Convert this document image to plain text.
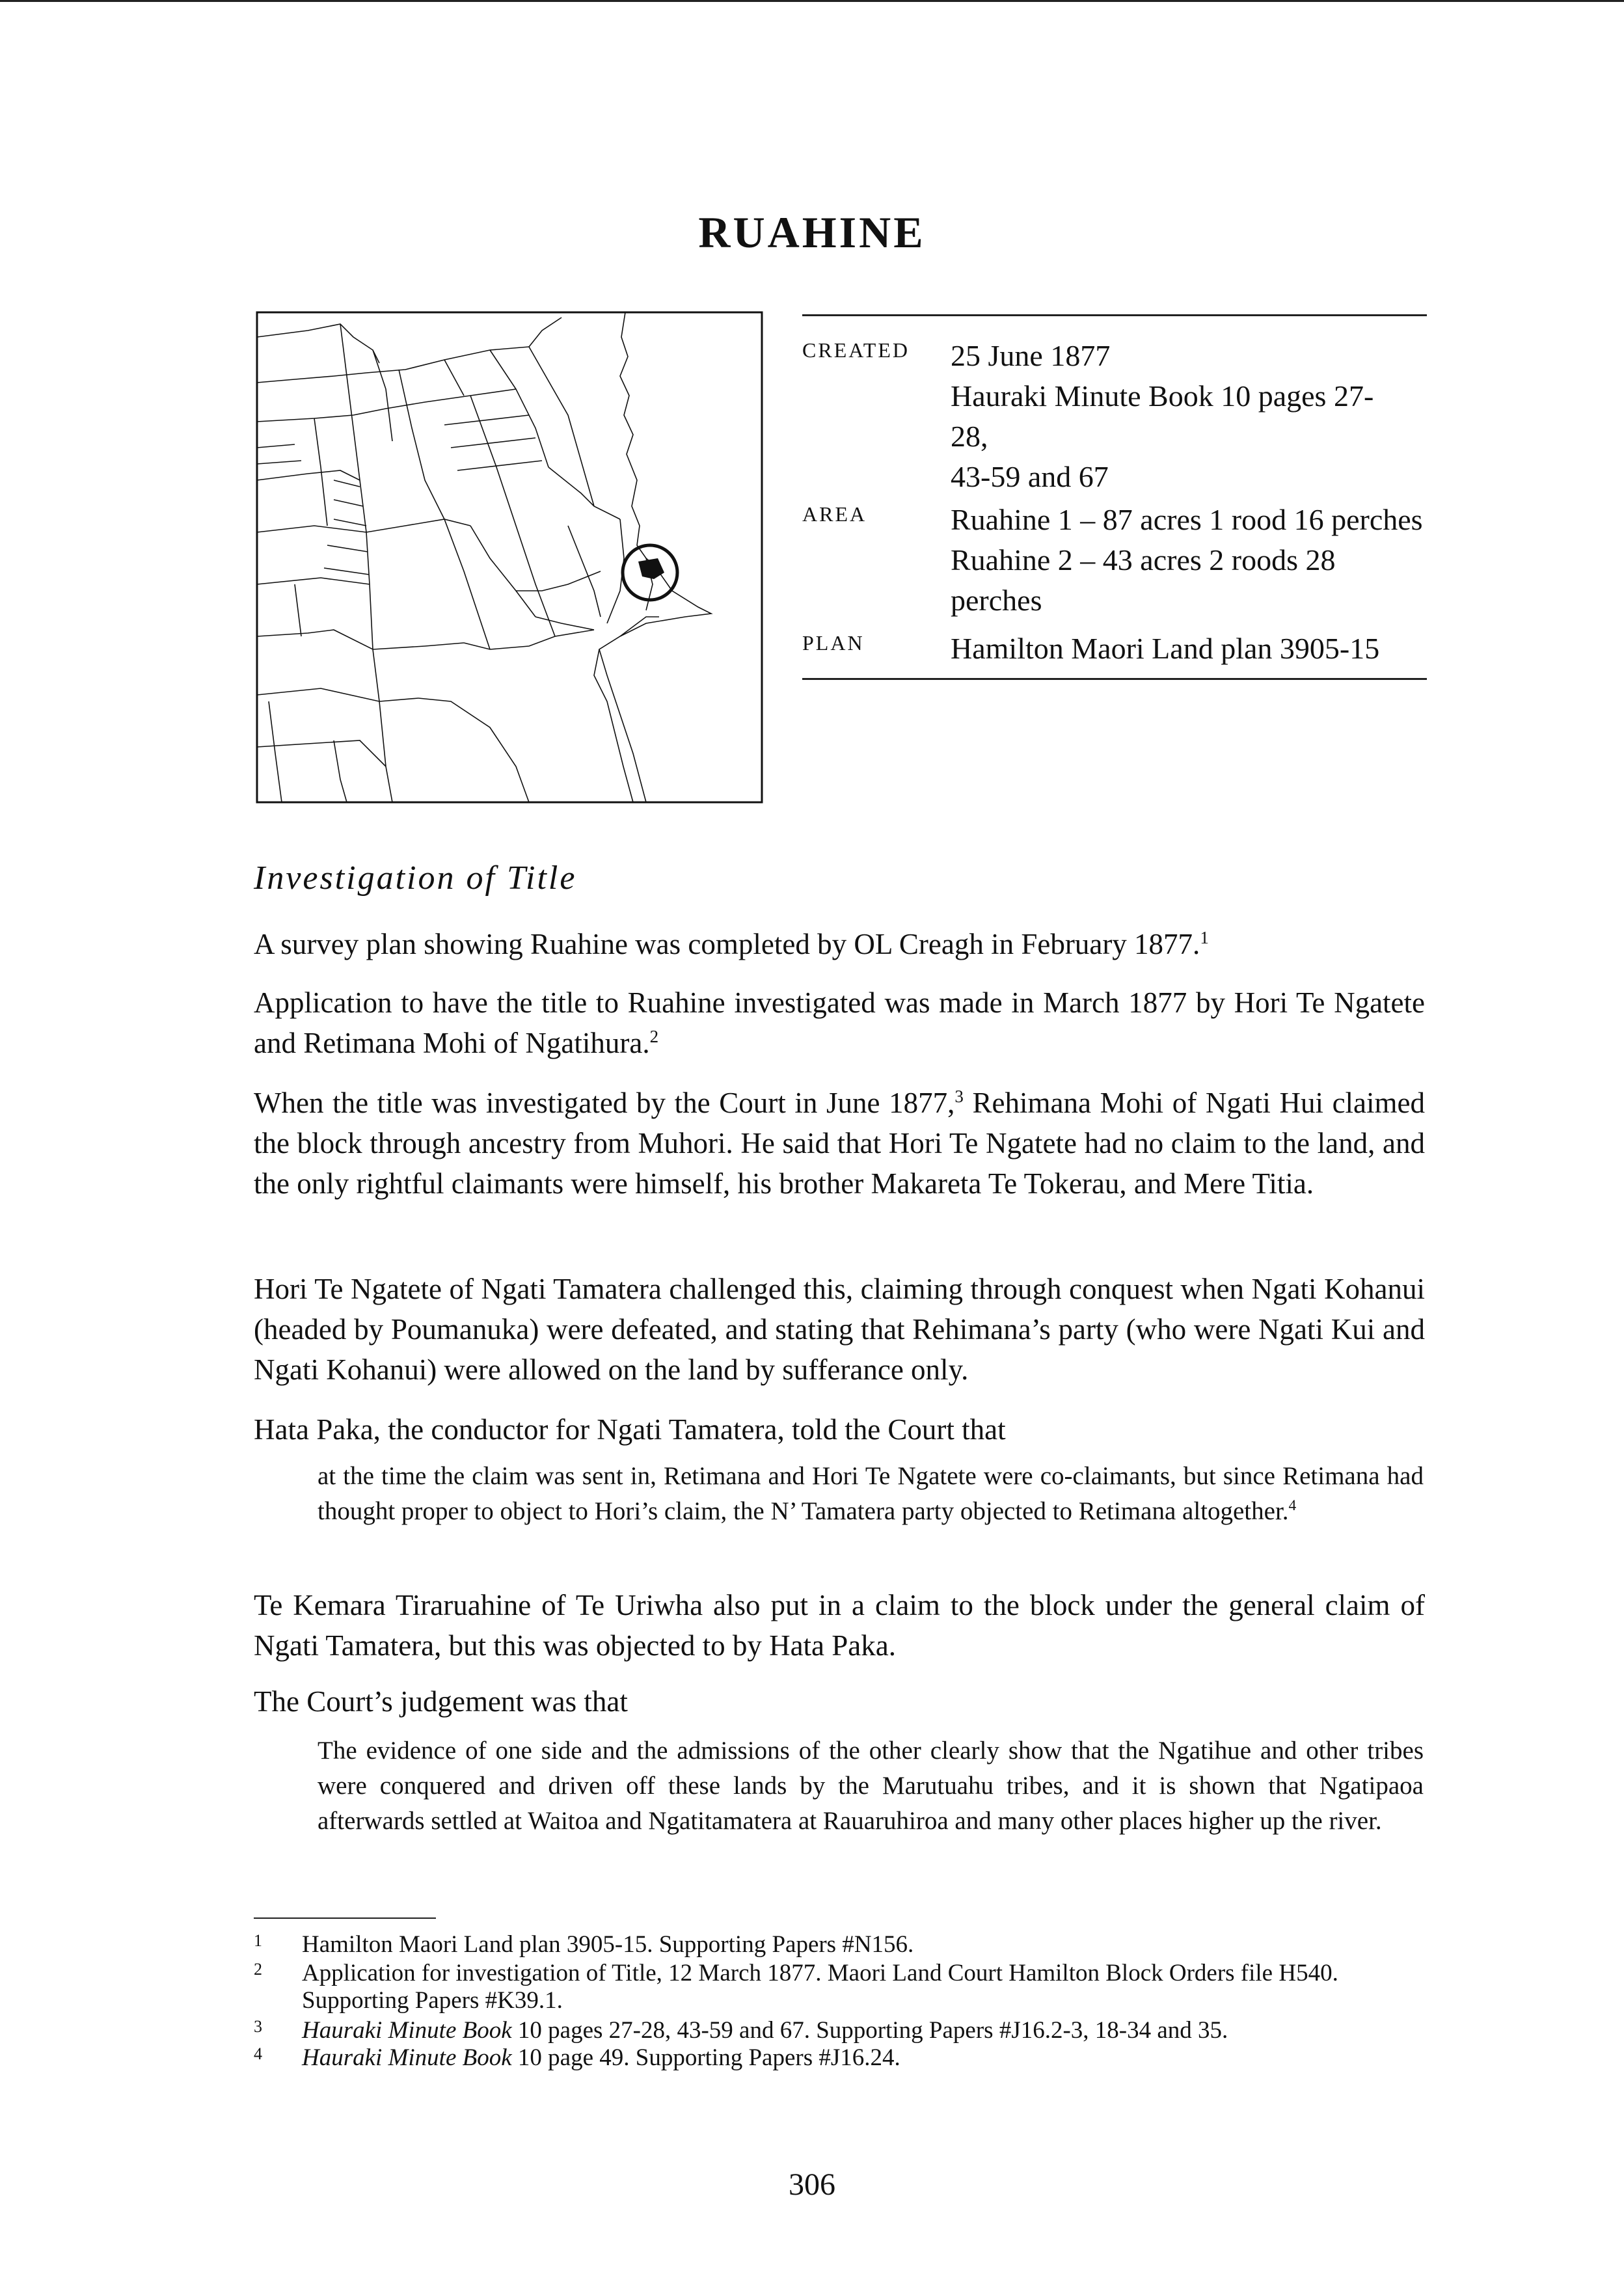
RUAHINE
CREATED	25 June 1877
Hauraki Minute Book 10 pages 27-
28,
43-59 and 67
AREA	Ruahine 1 – 87 acres 1 rood 16 perches
Ruahine 2 – 43 acres 2 roods 28
perches
PLAN	Hamilton Maori Land plan 3905-15
Investigation of Title

A survey plan showing Ruahine was completed by OL Creagh in February 1877.$^1$

Application to have the title to Ruahine investigated was made in March 1877 by Hori Te Ngatete and Retimana Mohi of Ngatihura.$^2$

When the title was investigated by the Court in June 1877,$^3$ Rehimana Mohi of Ngati Hui claimed the block through ancestry from Muhori. He said that Hori Te Ngatete had no claim to the land, and the only rightful claimants were himself, his brother Makareta Te Tokerau, and Mere Titia.

Hori Te Ngatete of Ngati Tamatera challenged this, claiming through conquest when Ngati Kohanui (headed by Poumanuka) were defeated, and stating that Rehimana’s party (who were Ngati Kui and Ngati Kohanui) were allowed on the land by sufferance only.

Hata Paka, the conductor for Ngati Tamatera, told the Court that

at the time the claim was sent in, Retimana and Hori Te Ngatete were co-claimants, but since Retimana had thought proper to object to Hori’s claim, the N’ Tamatera party objected to Retimana altogether.$^4$

Te Kemara Tiraruahine of Te Uriwha also put in a claim to the block under the general claim of Ngati Tamatera, but this was objected to by Hata Paka.

The Court’s judgement was that

The evidence of one side and the admissions of the other clearly show that the Ngatihue and other tribes were conquered and driven off these lands by the Marutuahu tribes, and it is shown that Ngatipaoa afterwards settled at Waitoa and Ngatitamatera at Rauaruhiroa and many other places higher up the river.
1 Hamilton Maori Land plan 3905-15. Supporting Papers #N156.
2 Application for investigation of Title, 12 March 1877. Maori Land Court Hamilton Block Orders file H540.
Supporting Papers #K39.1.
3 Hauraki Minute Book 10 pages 27-28, 43-59 and 67. Supporting Papers #J16.2-3, 18-34 and 35.
4 Hauraki Minute Book 10 page 49. Supporting Papers #J16.24.
306
